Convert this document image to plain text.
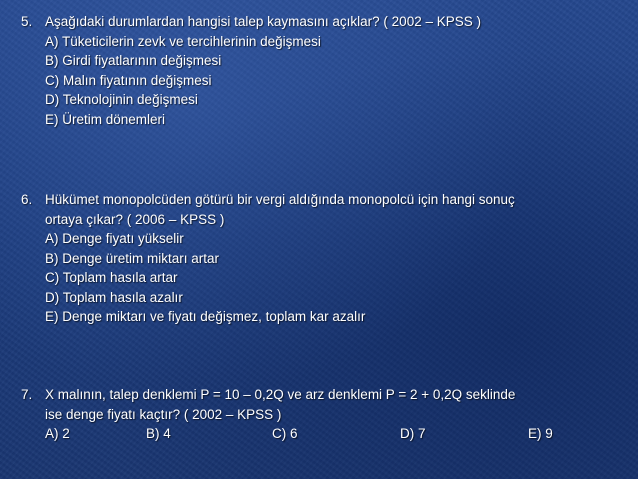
5. Aşağıdaki durumlardan hangisi talep kaymasını açıklar? ( 2002 – KPSS )
A) Tüketicilerin zevk ve tercihlerinin değişmesi
B) Girdi fiyatlarının değişmesi
C) Malın fiyatının değişmesi
D) Teknolojinin değişmesi
E) Üretim dönemleri
6. Hükümet monopolcüden götürü bir vergi aldığında monopolcü için hangi sonuç
ortaya çıkar? ( 2006 – KPSS )
A) Denge fiyatı yükselir
B) Denge üretim miktarı artar
C) Toplam hasıla artar
D) Toplam hasıla azalır
E) Denge miktarı ve fiyatı değişmez, toplam kar azalır
7. X malının, talep denklemi P = 10 – 0,2Q ve arz denklemi P = 2 + 0,2Q seklinde
ise denge fiyatı kaçtır? ( 2002 – KPSS )
A) 2	B) 4	C) 6	D) 7	E) 9
